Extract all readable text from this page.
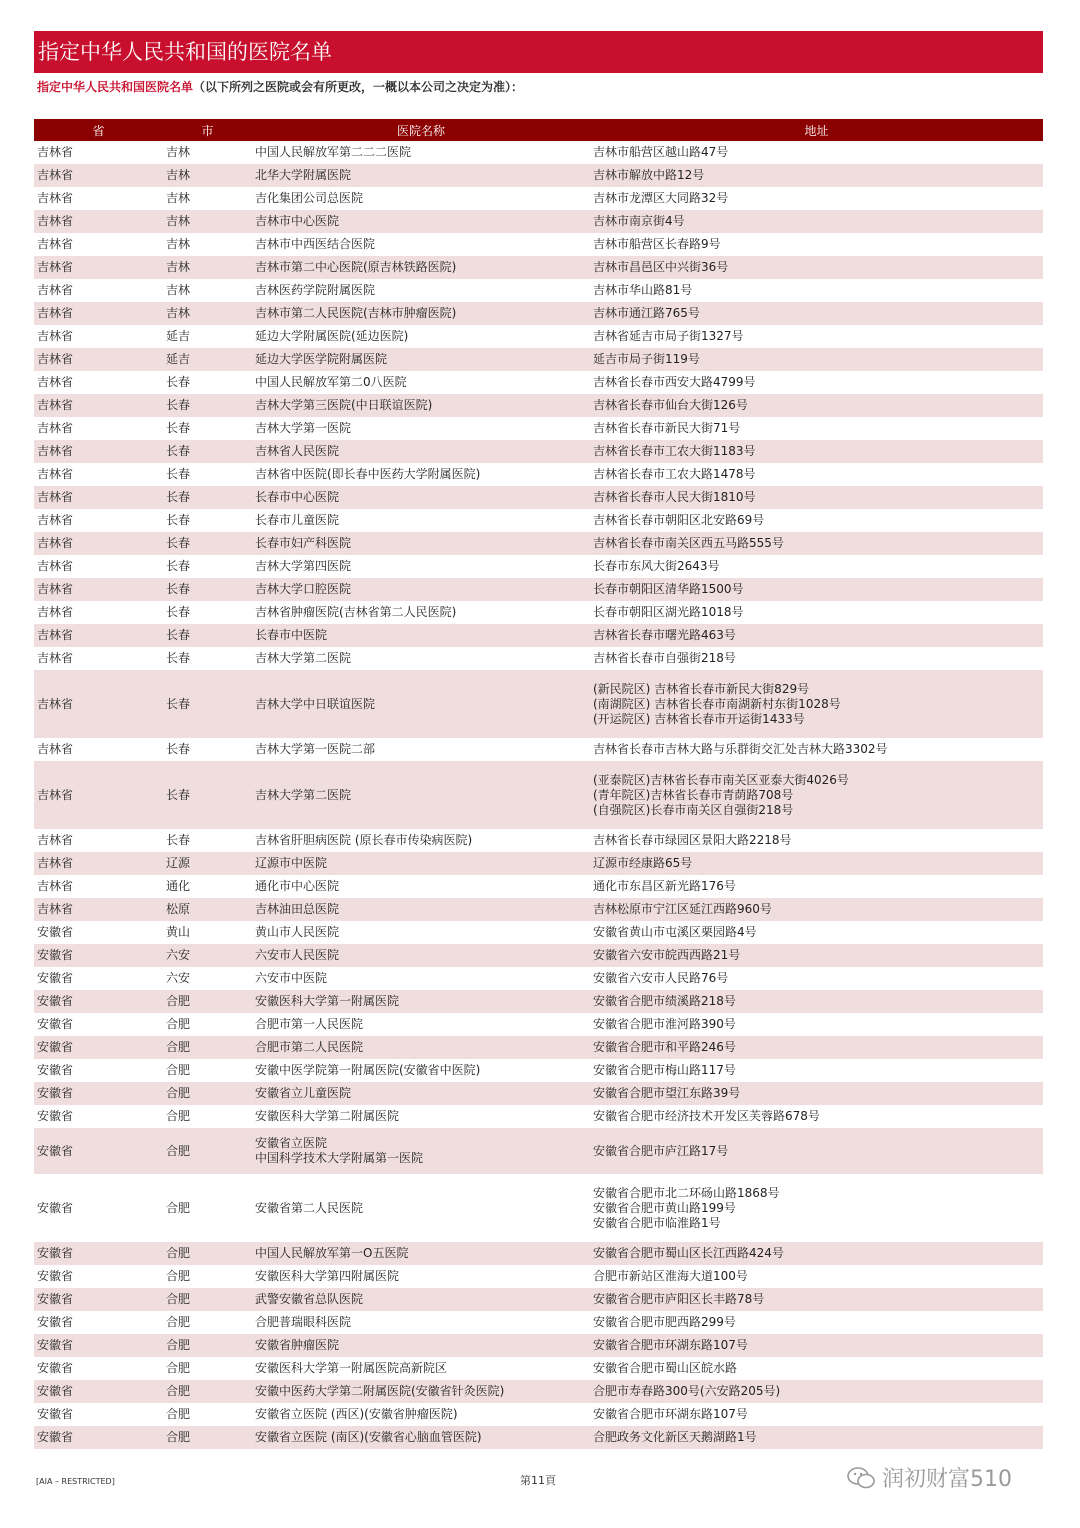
指定中华人民共和国的医院名单
指定中华人民共和国医院名单（以下所列之医院或会有所更改，一概以本公司之决定为准）：
省	市	医院名称	地址

吉林省	吉林	中国人民解放军第二二二医院	吉林市船营区越山路47号

吉林省	吉林	北华大学附属医院	吉林市解放中路12号

吉林省	吉林	吉化集团公司总医院	吉林市龙潭区大同路32号

吉林省	吉林	吉林市中心医院	吉林市南京街4号

吉林省	吉林	吉林市中西医结合医院	吉林市船营区长春路9号

吉林省	吉林	吉林市第二中心医院(原吉林铁路医院)	吉林市昌邑区中兴街36号

吉林省	吉林	吉林医药学院附属医院	吉林市华山路81号

吉林省	吉林	吉林市第二人民医院(吉林市肿瘤医院)	吉林市通江路765号

吉林省	延吉	延边大学附属医院(延边医院)	吉林省延吉市局子街1327号

吉林省	延吉	延边大学医学院附属医院	延吉市局子街119号

吉林省	长春	中国人民解放军第二0八医院	吉林省长春市西安大路4799号

吉林省	长春	吉林大学第三医院(中日联谊医院)	吉林省长春市仙台大街126号

吉林省	长春	吉林大学第一医院	吉林省长春市新民大街71号

吉林省	长春	吉林省人民医院	吉林省长春市工农大街1183号

吉林省	长春	吉林省中医院(即长春中医药大学附属医院)	吉林省长春市工农大路1478号

吉林省	长春	长春市中心医院	吉林省长春市人民大街1810号

吉林省	长春	长春市儿童医院	吉林省长春市朝阳区北安路69号

吉林省	长春	长春市妇产科医院	吉林省长春市南关区西五马路555号

吉林省	长春	吉林大学第四医院	长春市东风大街2643号

吉林省	长春	吉林大学口腔医院	长春市朝阳区清华路1500号

吉林省	长春	吉林省肿瘤医院(吉林省第二人民医院)	长春市朝阳区湖光路1018号

吉林省	长春	长春市中医院	吉林省长春市曙光路463号

吉林省	长春	吉林大学第二医院	吉林省长春市自强街218号

吉林省	长春	吉林大学中日联谊医院	(新民院区) 吉林省长春市新民大街829号
(南湖院区) 吉林省长春市南湖新村东街1028号
(开运院区) 吉林省长春市开运街1433号

吉林省	长春	吉林大学第一医院二部	吉林省长春市吉林大路与乐群街交汇处吉林大路3302号

吉林省	长春	吉林大学第二医院	(亚泰院区)吉林省长春市南关区亚泰大街4026号
(青年院区)吉林省长春市青荫路708号
(自强院区)长春市南关区自强街218号

吉林省	长春	吉林省肝胆病医院 (原长春市传染病医院)	吉林省长春市绿园区景阳大路2218号

吉林省	辽源	辽源市中医院	辽源市经康路65号

吉林省	通化	通化市中心医院	通化市东昌区新光路176号

吉林省	松原	吉林油田总医院	吉林松原市宁江区延江西路960号

安徽省	黄山	黄山市人民医院	安徽省黄山市屯溪区栗园路4号

安徽省	六安	六安市人民医院	安徽省六安市皖西西路21号

安徽省	六安	六安市中医院	安徽省六安市人民路76号

安徽省	合肥	安徽医科大学第一附属医院	安徽省合肥市绩溪路218号

安徽省	合肥	合肥市第一人民医院	安徽省合肥市淮河路390号

安徽省	合肥	合肥市第二人民医院	安徽省合肥市和平路246号

安徽省	合肥	安徽中医学院第一附属医院(安徽省中医院)	安徽省合肥市梅山路117号

安徽省	合肥	安徽省立儿童医院	安徽省合肥市望江东路39号

安徽省	合肥	安徽医科大学第二附属医院	安徽省合肥市经济技术开发区芙蓉路678号

安徽省	合肥	安徽省立医院
中国科学技术大学附属第一医院	安徽省合肥市庐江路17号

安徽省	合肥	安徽省第二人民医院	安徽省合肥市北二环砀山路1868号
安徽省合肥市黄山路199号
安徽省合肥市临淮路1号

安徽省	合肥	中国人民解放军第一O五医院	安徽省合肥市蜀山区长江西路424号

安徽省	合肥	安徽医科大学第四附属医院	合肥市新站区淮海大道100号

安徽省	合肥	武警安徽省总队医院	安徽省合肥市庐阳区长丰路78号

安徽省	合肥	合肥普瑞眼科医院	安徽省合肥市肥西路299号

安徽省	合肥	安徽省肿瘤医院	安徽省合肥市环湖东路107号

安徽省	合肥	安徽医科大学第一附属医院高新院区	安徽省合肥市蜀山区皖水路

安徽省	合肥	安徽中医药大学第二附属医院(安徽省针灸医院)	合肥市寿春路300号(六安路205号)

安徽省	合肥	安徽省立医院 (西区)(安徽省肿瘤医院)	安徽省合肥市环湖东路107号

安徽省	合肥	安徽省立医院 (南区)(安徽省心脑血管医院)	合肥政务文化新区天鹅湖路1号
[AIA – RESTRICTED]	第11頁	润初财富510
